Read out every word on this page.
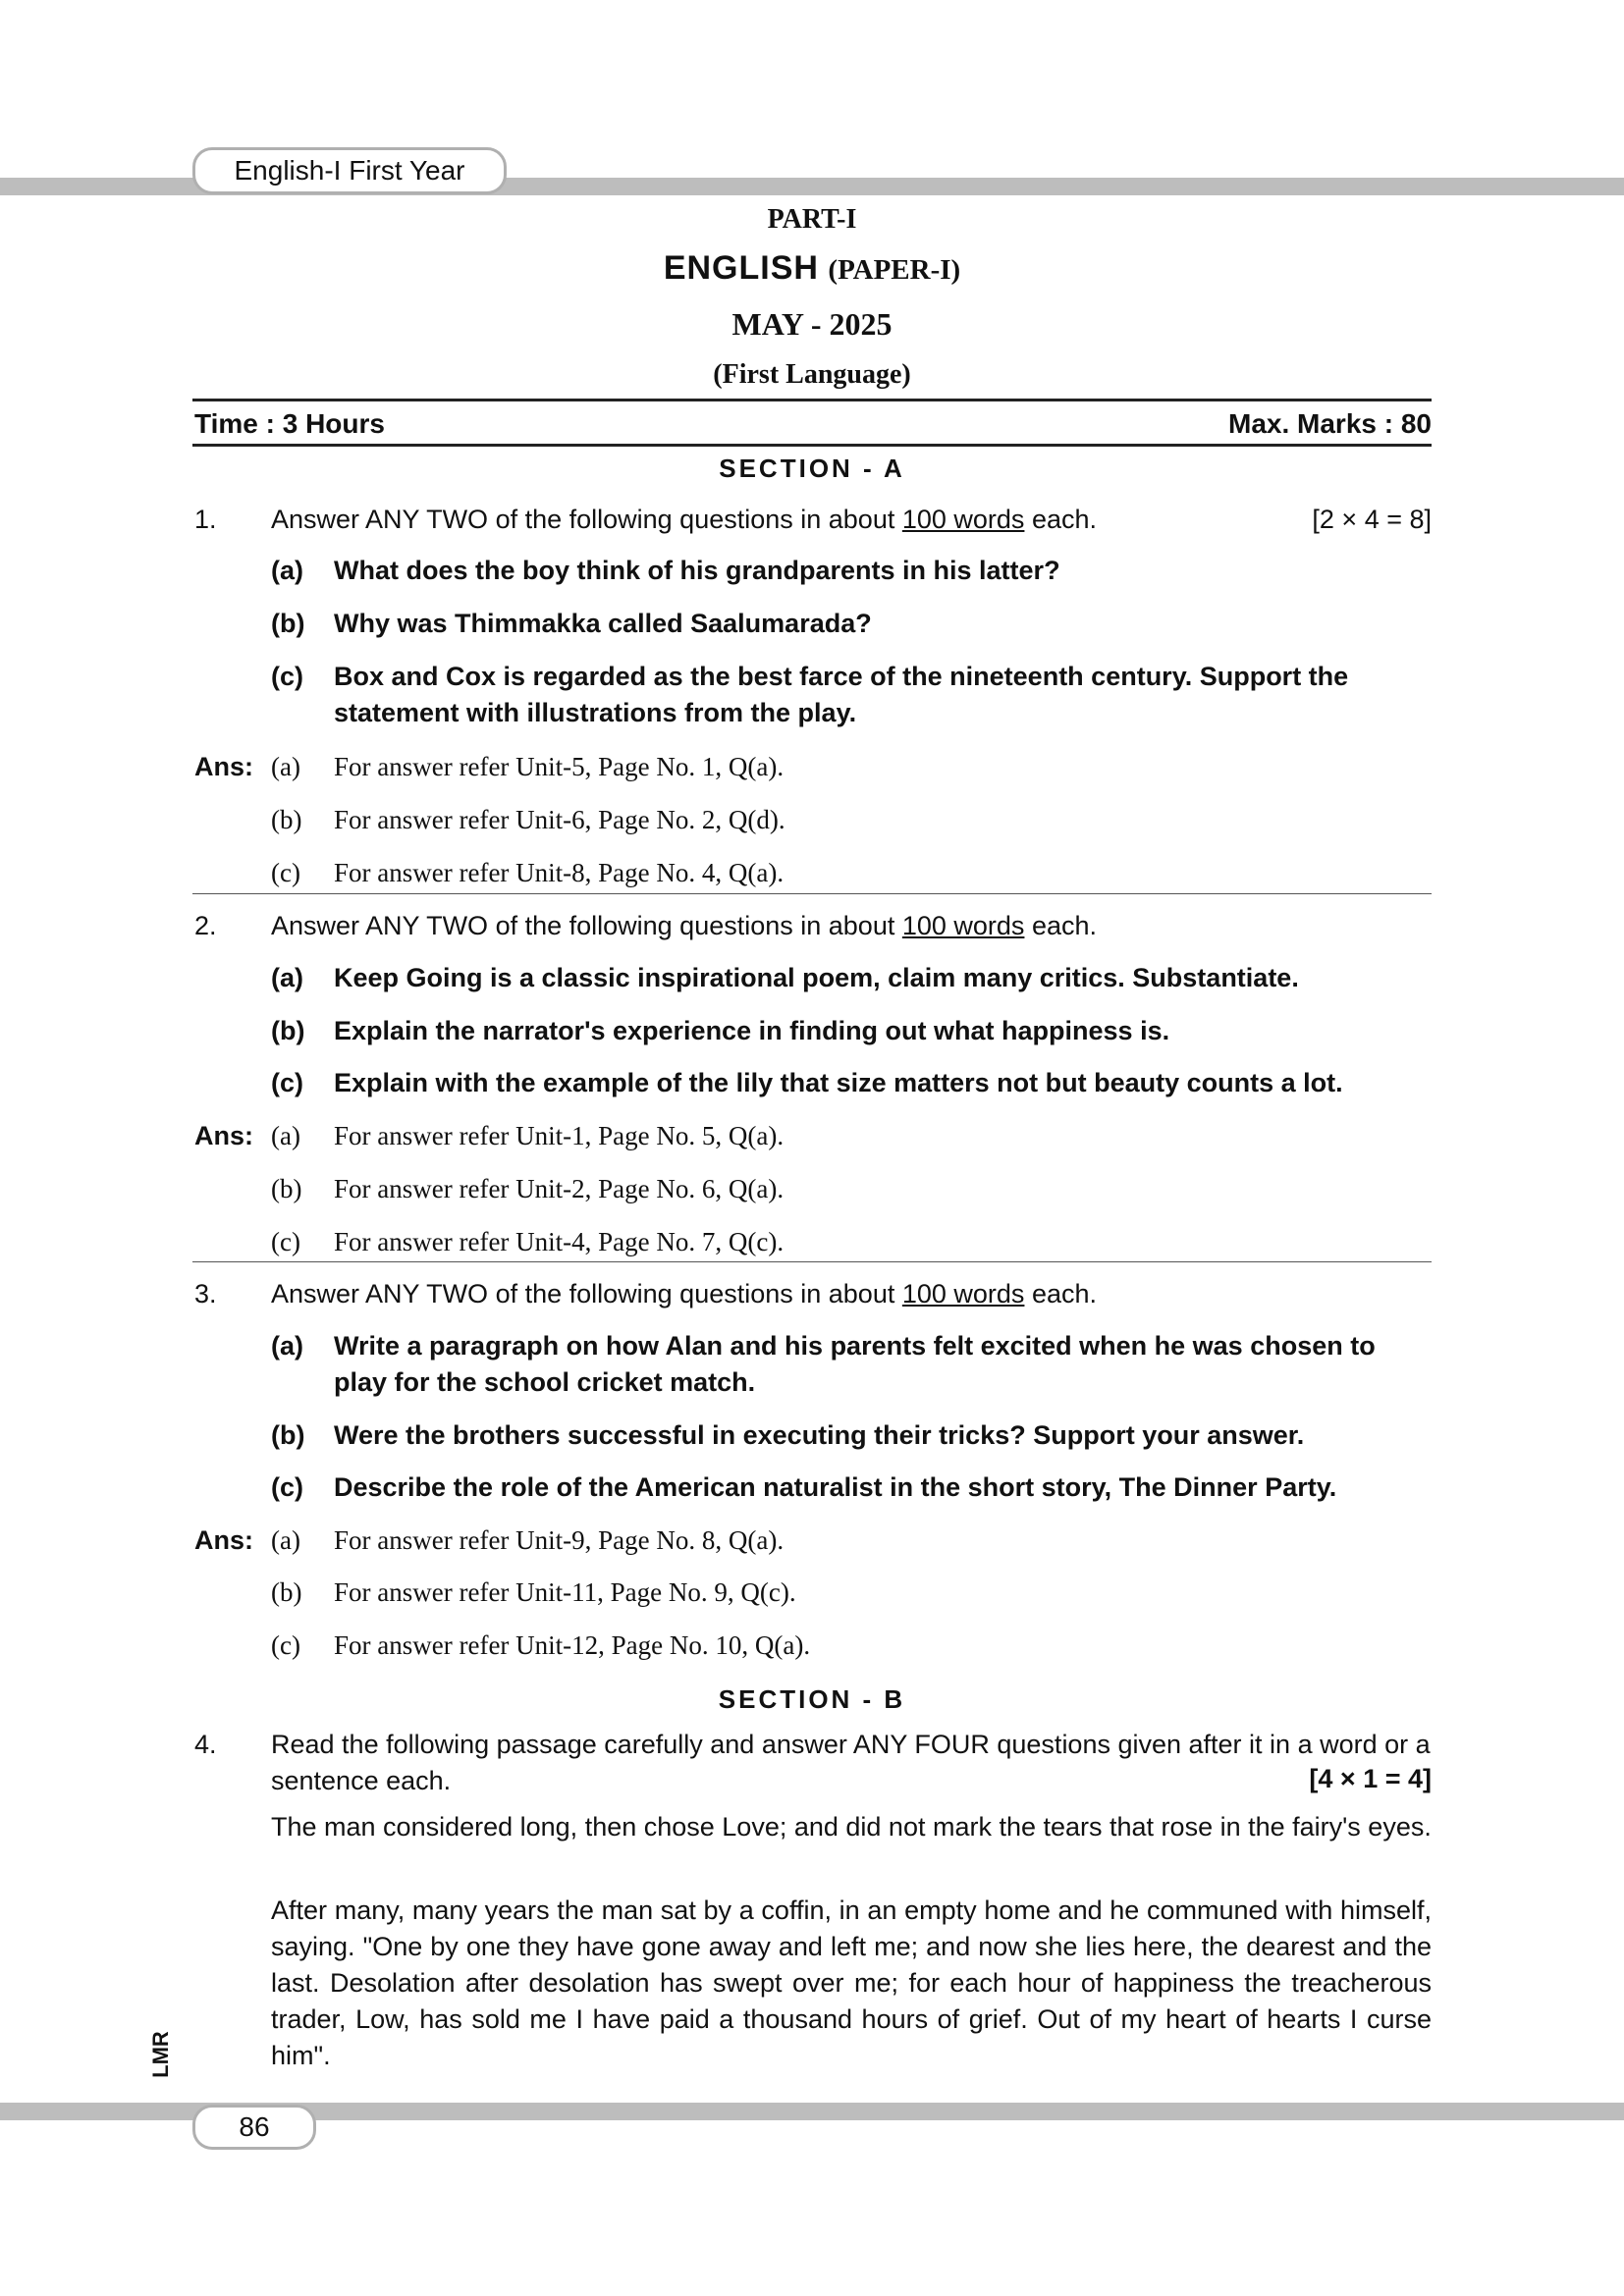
English-I First Year
PART-I
ENGLISH (PAPER-I)
MAY - 2025
(First Language)
Time : 3 Hours	Max. Marks : 80
SECTION - A
1. Answer ANY TWO of the following questions in about 100 words each.	[2 × 4 = 8]
(a) What does the boy think of his grandparents in his latter?
(b) Why was Thimmakka called Saalumarada?
(c) Box and Cox is regarded as the best farce of the nineteenth century. Support the statement with illustrations from the play.
Ans: (a) For answer refer Unit-5, Page No. 1, Q(a).
(b) For answer refer Unit-6, Page No. 2, Q(d).
(c) For answer refer Unit-8, Page No. 4, Q(a).
2. Answer ANY TWO of the following questions in about 100 words each.
(a) Keep Going is a classic inspirational poem, claim many critics. Substantiate.
(b) Explain the narrator's experience in finding out what happiness is.
(c) Explain with the example of the lily that size matters not but beauty counts a lot.
Ans: (a) For answer refer Unit-1, Page No. 5, Q(a).
(b) For answer refer Unit-2, Page No. 6, Q(a).
(c) For answer refer Unit-4, Page No. 7, Q(c).
3. Answer ANY TWO of the following questions in about 100 words each.
(a) Write a paragraph on how Alan and his parents felt excited when he was chosen to play for the school cricket match.
(b) Were the brothers successful in executing their tricks? Support your answer.
(c) Describe the role of the American naturalist in the short story, The Dinner Party.
Ans: (a) For answer refer Unit-9, Page No. 8, Q(a).
(b) For answer refer Unit-11, Page No. 9, Q(c).
(c) For answer refer Unit-12, Page No. 10, Q(a).
SECTION - B
4. Read the following passage carefully and answer ANY FOUR questions given after it in a word or a sentence each.	[4 × 1 = 4]
The man considered long, then chose Love; and did not mark the tears that rose in the fairy's eyes.
After many, many years the man sat by a coffin, in an empty home and he communed with himself, saying. "One by one they have gone away and left me; and now she lies here, the dearest and the last. Desolation after desolation has swept over me; for each hour of happiness the treacherous trader, Low, has sold me I have paid a thousand hours of grief. Out of my heart of hearts I curse him".
LMR
86
